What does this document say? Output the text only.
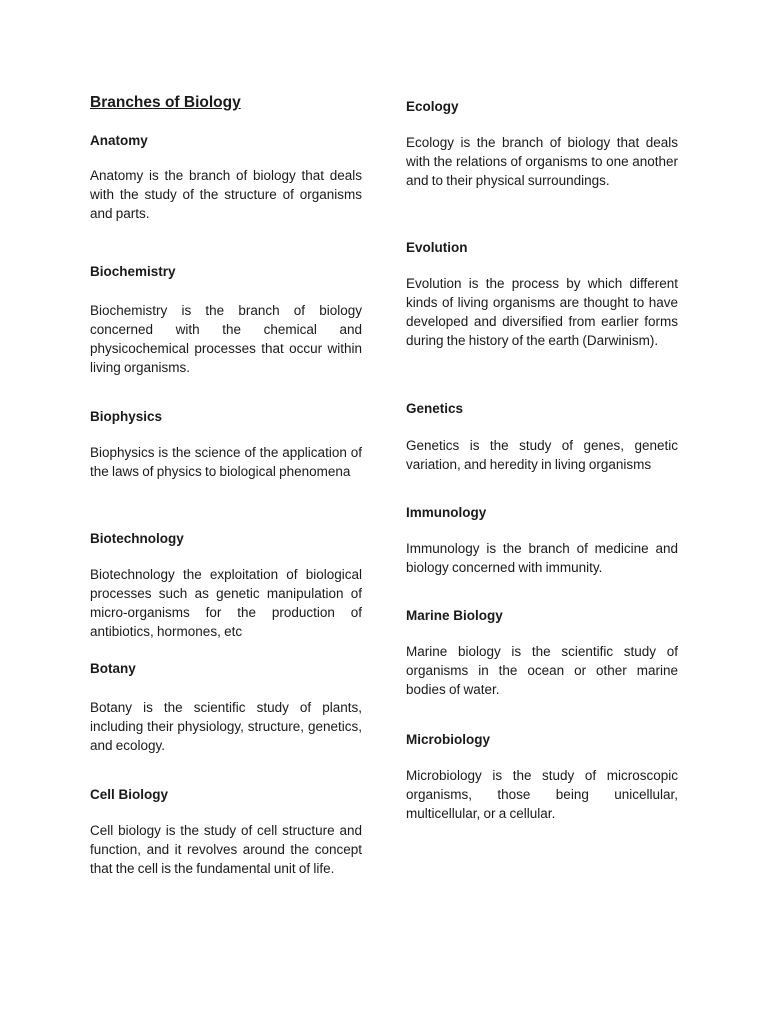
Branches of Biology
Anatomy
Anatomy is the branch of biology that deals with the study of the structure of organisms and parts.
Biochemistry
Biochemistry is the branch of biology concerned with the chemical and physicochemical processes that occur within living organisms.
Biophysics
Biophysics is the science of the application of the laws of physics to biological phenomena
Biotechnology
Biotechnology the exploitation of biological processes such as genetic manipulation of micro-organisms for the production of antibiotics, hormones, etc
Botany
Botany is the scientific study of plants, including their physiology, structure, genetics, and ecology.
Cell Biology
Cell biology is the study of cell structure and function, and it revolves around the concept that the cell is the fundamental unit of life.
Ecology
Ecology is the branch of biology that deals with the relations of organisms to one another and to their physical surroundings.
Evolution
Evolution is the process by which different kinds of living organisms are thought to have developed and diversified from earlier forms during the history of the earth (Darwinism).
Genetics
Genetics is the study of genes, genetic variation, and heredity in living organisms
Immunology
Immunology is the branch of medicine and biology concerned with immunity.
Marine Biology
Marine biology is the scientific study of organisms in the ocean or other marine bodies of water.
Microbiology
Microbiology is the study of microscopic organisms, those being unicellular, multicellular, or a cellular.
